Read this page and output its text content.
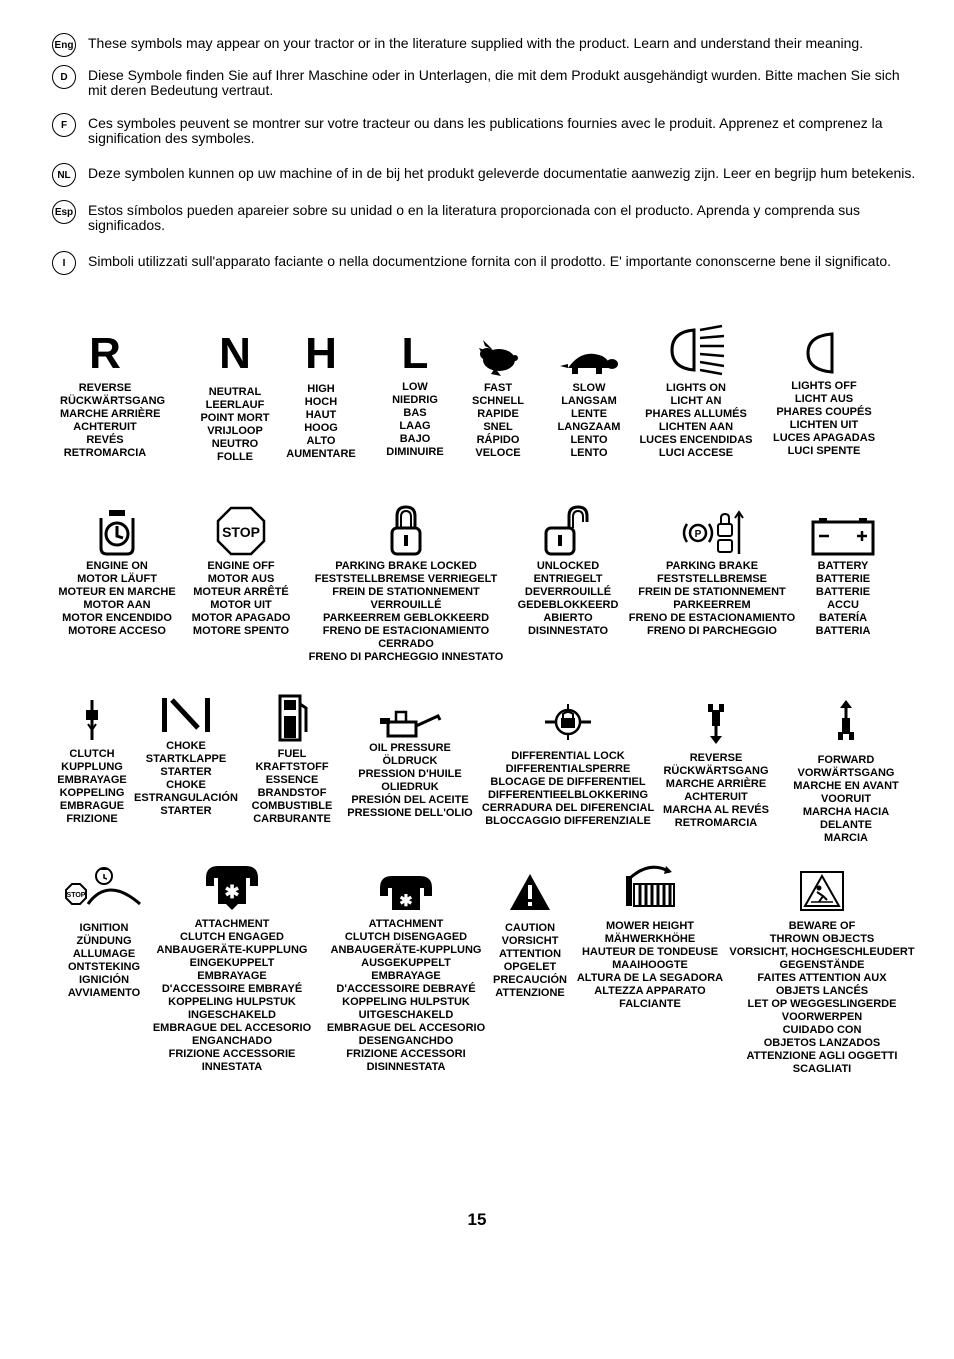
Eng These symbols may appear on your tractor or in the literature supplied with the product. Learn and understand their meaning.
D	Diese Symbole finden Sie auf Ihrer Maschine oder in Unterlagen, die mit dem Produkt ausgehändigt wurden. Bitte machen Sie sich mit deren Bedeutung vertraut.
F	Ces symboles peuvent se montrer sur votre tracteur ou dans les publications fournies avec le produit. Apprenez et comprenez la signification des symboles.
NL	Deze symbolen kunnen op uw machine of in de bij het produkt geleverde documentatie aanwezig zijn. Leer en begrijp hum betekenis.
Esp Estos símbolos pueden apareier sobre su unidad o en la literatura proporcionada con el producto. Aprenda y comprenda sus significados.
I	Simboli utilizzati sull'apparato faciante o nella documentzione fornita con il prodotto. E' importante cononscerne bene il significato.
R
REVERSE
RÜCKWÄRTSGANG
MARCHE ARRIÈRE
ACHTERUIT
REVÉS
RETROMARCIA
N
NEUTRAL
LEERLAUF
POINT MORT
VRIJLOOP
NEUTRO
FOLLE
H
HIGH
HOCH
HAUT
HOOG
ALTO
AUMENTARE
L
LOW
NIEDRIG
BAS
LAAG
BAJO
DIMINUIRE
FAST
SCHNELL
RAPIDE
SNEL
RÁPIDO
VELOCE
SLOW
LANGSAM
LENTE
LANGZAAM
LENTO
LENTO
LIGHTS ON
LICHT AN
PHARES ALLUMÉS
LICHTEN AAN
LUCES ENCENDIDAS
LUCI ACCESE
LIGHTS OFF
LICHT AUS
PHARES COUPÉS
LICHTEN UIT
LUCES APAGADAS
LUCI SPENTE
ENGINE ON
MOTOR LÄUFT
MOTEUR EN MARCHE
MOTOR AAN
MOTOR ENCENDIDO
MOTORE ACCESO
STOP
ENGINE OFF
MOTOR AUS
MOTEUR ARRÊTÉ
MOTOR UIT
MOTOR APAGADO
MOTORE SPENTO
PARKING BRAKE LOCKED
FESTSTELLBREMSE VERRIEGELT
FREIN DE STATIONNEMENT
VERROUILLÉ
PARKEERREM GEBLOKKEERD
FRENO DE ESTACIONAMIENTO
CERRADO
FRENO DI PARCHEGGIO INNESTATO
UNLOCKED
ENTRIEGELT
DEVERROUILLÉ
GEDEBLOKKEERD
ABIERTO
DISINNESTATO
P
PARKING BRAKE
FESTSTELLBREMSE
FREIN DE STATIONNEMENT
PARKEERREM
FRENO DE ESTACIONAMIENTO
FRENO DI PARCHEGGIO
BATTERY
BATTERIE
BATTERIE
ACCU
BATERÍA
BATTERIA
CLUTCH
KUPPLUNG
EMBRAYAGE
KOPPELING
EMBRAGUE
FRIZIONE
CHOKE
STARTKLAPPE
STARTER
CHOKE
ESTRANGULACIÓN
STARTER
FUEL
KRAFTSTOFF
ESSENCE
BRANDSTOF
COMBUSTIBLE
CARBURANTE
OIL PRESSURE
ÖLDRUCK
PRESSION D'HUILE
OLIEDRUK
PRESIÓN DEL ACEITE
PRESSIONE DELL'OLIO
DIFFERENTIAL LOCK
DIFFERENTIALSPERRE
BLOCAGE DE DIFFERENTIEL
DIFFERENTIEELBLOKKERING
CERRADURA DEL DIFERENCIAL
BLOCCAGGIO DIFFERENZIALE
REVERSE
RÜCKWÄRTSGANG
MARCHE ARRIÈRE
ACHTERUIT
MARCHA AL REVÉS
RETROMARCIA
FORWARD
VORWÄRTSGANG
MARCHE EN AVANT
VOORUIT
MARCHA HACIA
DELANTE
MARCIA
STOP
IGNITION
ZÜNDUNG
ALLUMAGE
ONTSTEKING
IGNICIÓN
AVVIAMENTO
✱
ATTACHMENT
CLUTCH ENGAGED
ANBAUGERÄTE-KUPPLUNG
EINGEKUPPELT
EMBRAYAGE
D'ACCESSOIRE EMBRAYÉ
KOPPELING HULPSTUK
INGESCHAKELD
EMBRAGUE DEL ACCESORIO
ENGANCHADO
FRIZIONE ACCESSORIE
INNESTATA
✱
ATTACHMENT
CLUTCH DISENGAGED
ANBAUGERÄTE-KUPPLUNG
AUSGEKUPPELT
EMBRAYAGE
D'ACCESSOIRE DEBRAYÉ
KOPPELING HULPSTUK
UITGESCHAKELD
EMBRAGUE DEL ACCESORIO
DESENGANCHDO
FRIZIONE ACCESSORI
DISINNESTATA
CAUTION
VORSICHT
ATTENTION
OPGELET
PRECAUCIÓN
ATTENZIONE
MOWER HEIGHT
MÄHWERKHÖHE
HAUTEUR DE TONDEUSE
MAAIHOOGTE
ALTURA DE LA SEGADORA
ALTEZZA APPARATO
FALCIANTE
BEWARE OF
THROWN OBJECTS
VORSICHT, HOCHGESCHLEUDERT
GEGENSTÄNDE
FAITES ATTENTION AUX
OBJETS LANCÉS
LET OP WEGGESLINGERDE
VOORWERPEN
CUIDADO CON
OBJETOS LANZADOS
ATTENZIONE AGLI OGGETTI
SCAGLIATI
15
